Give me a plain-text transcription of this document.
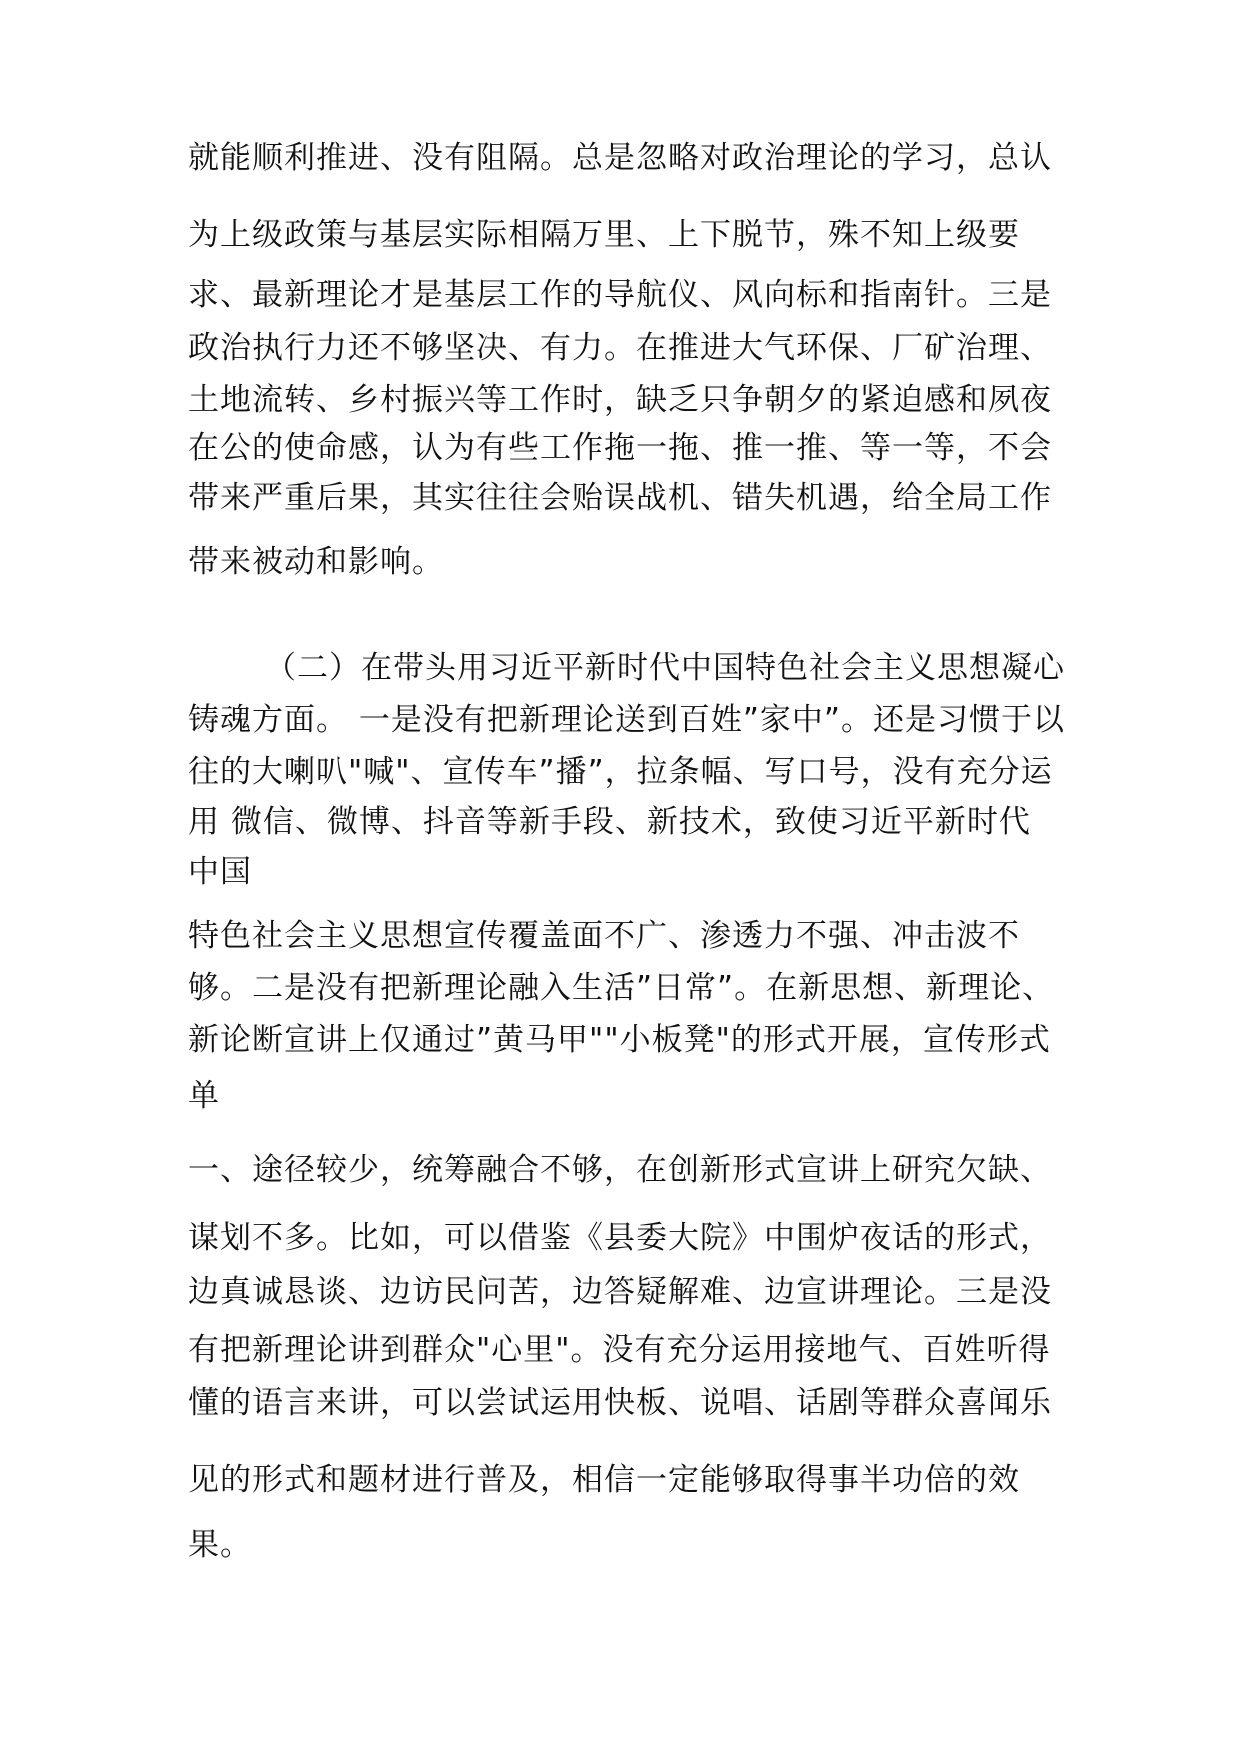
就能顺利推进、没有阻隔。总是忽略对政治理论的学习，总认
为上级政策与基层实际相隔万里、上下脱节，殊不知上级要
求、最新理论才是基层工作的导航仪、风向标和指南针。三是
政治执行力还不够坚决、有力。在推进大气环保、厂矿治理、
土地流转、乡村振兴等工作时，缺乏只争朝夕的紧迫感和夙夜
在公的使命感，认为有些工作拖一拖、推一推、等一等，不会
带来严重后果，其实往往会贻误战机、错失机遇，给全局工作
带来被动和影响。
（二）在带头用习近平新时代中国特色社会主义思想凝心
铸魂方面。 一是没有把新理论送到百姓”家中”。还是习惯于以
往的大喇叭"喊"、宣传车”播”，拉条幅、写口号，没有充分运
用 微信、微博、抖音等新手段、新技术，致使习近平新时代
中国
特色社会主义思想宣传覆盖面不广、渗透力不强、冲击波不
够。二是没有把新理论融入生活”日常”。在新思想、新理论、
新论断宣讲上仅通过”黄马甲""小板凳"的形式开展，宣传形式
单
一、途径较少，统筹融合不够，在创新形式宣讲上研究欠缺、
谋划不多。比如，可以借鉴《县委大院》中围炉夜话的形式，
边真诚恳谈、边访民问苦，边答疑解难、边宣讲理论。三是没
有把新理论讲到群众"心里"。没有充分运用接地气、百姓听得
懂的语言来讲，可以尝试运用快板、说唱、话剧等群众喜闻乐
见的形式和题材进行普及，相信一定能够取得事半功倍的效
果。
